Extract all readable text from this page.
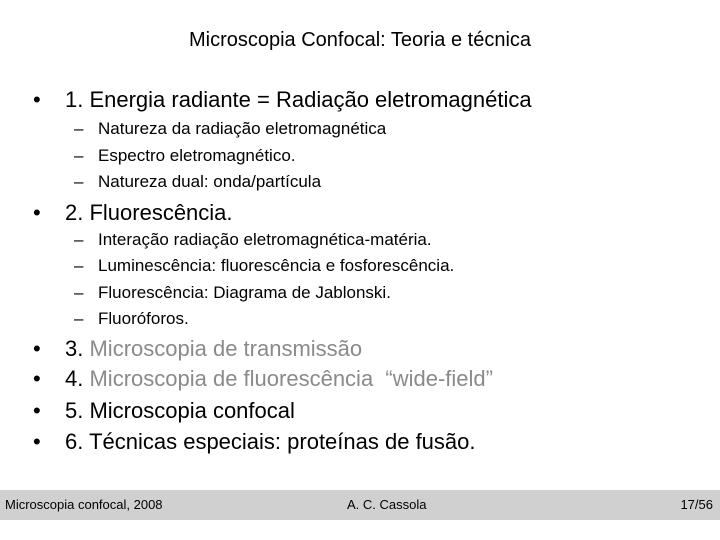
Microscopia Confocal: Teoria e técnica
• 1. Energia radiante = Radiação eletromagnética
– Natureza da radiação eletromagnética
– Espectro eletromagnético.
– Natureza dual: onda/partícula
• 2. Fluorescência.
– Interação radiação eletromagnética-matéria.
– Luminescência: fluorescência e fosforescência.
– Fluorescência: Diagrama de Jablonski.
– Fluoróforos.
• 3. Microscopia de transmissão
• 4. Microscopia de fluorescência  “wide-field”
• 5. Microscopia confocal
• 6. Técnicas especiais: proteínas de fusão.
Microscopia confocal, 2008	A. C. Cassola	17/56
